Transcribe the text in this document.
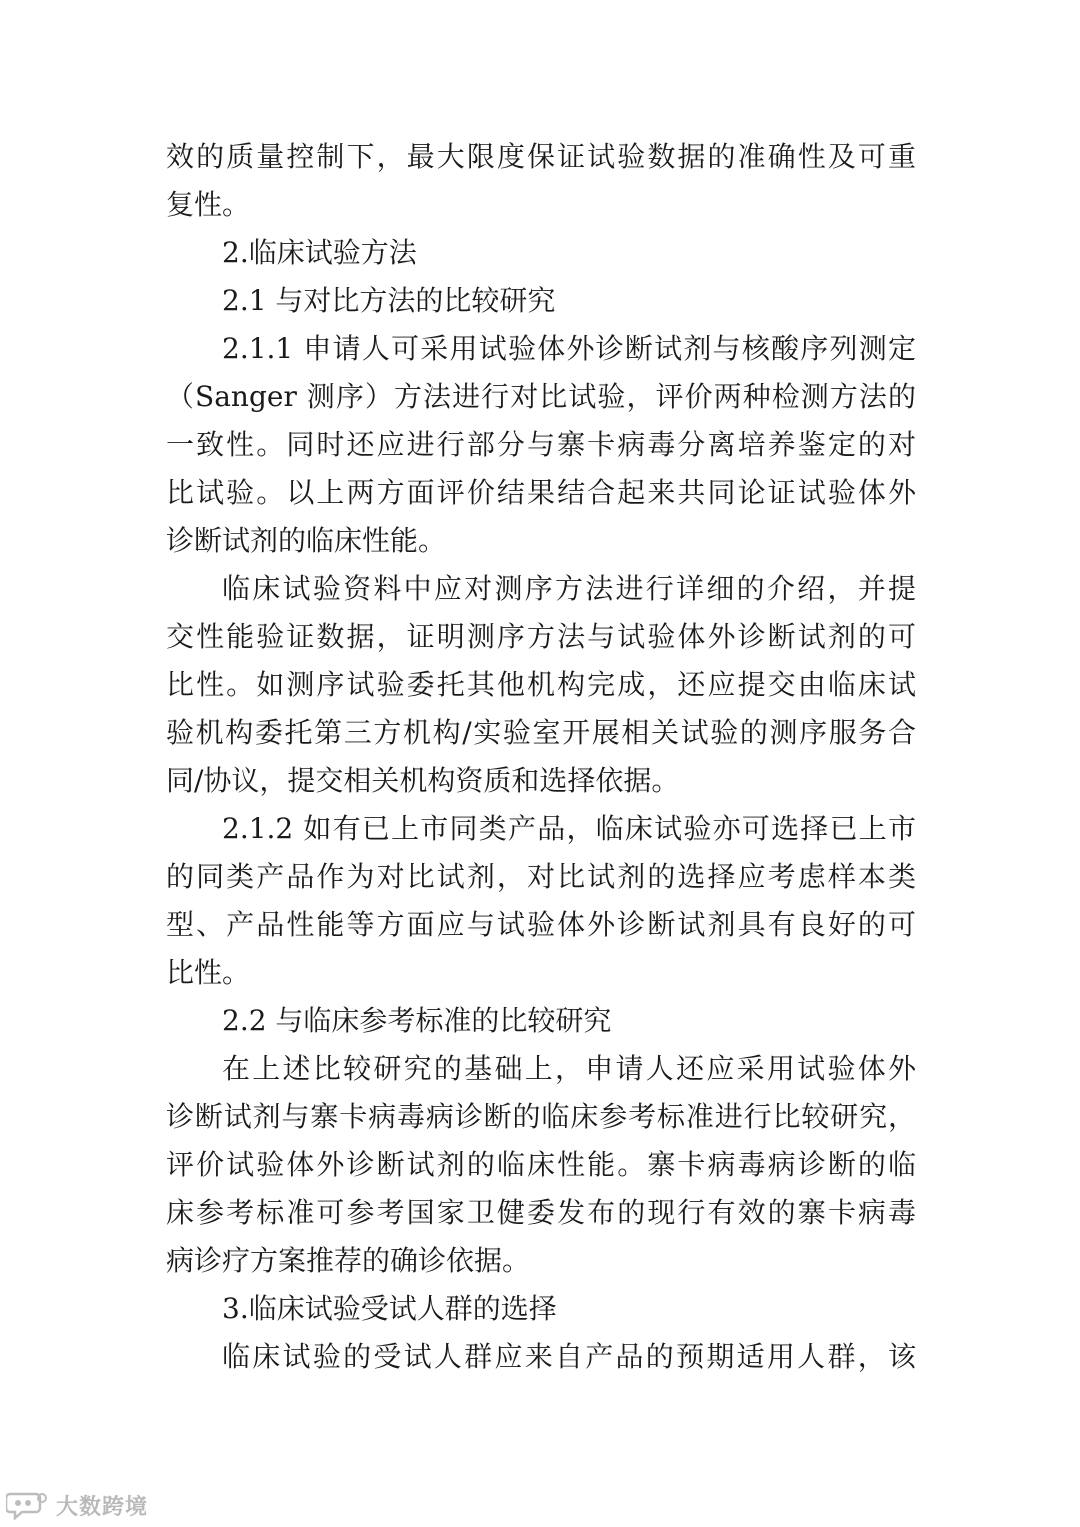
效的质量控制下，最大限度保证试验数据的准确性及可重
复性。
2.临床试验方法
2.1 与对比方法的比较研究
2.1.1 申请人可采用试验体外诊断试剂与核酸序列测定
（Sanger 测序）方法进行对比试验，评价两种检测方法的
一致性。同时还应进行部分与寨卡病毒分离培养鉴定的对
比试验。以上两方面评价结果结合起来共同论证试验体外
诊断试剂的临床性能。
临床试验资料中应对测序方法进行详细的介绍，并提
交性能验证数据，证明测序方法与试验体外诊断试剂的可
比性。如测序试验委托其他机构完成，还应提交由临床试
验机构委托第三方机构/实验室开展相关试验的测序服务合
同/协议，提交相关机构资质和选择依据。
2.1.2 如有已上市同类产品，临床试验亦可选择已上市
的同类产品作为对比试剂，对比试剂的选择应考虑样本类
型、产品性能等方面应与试验体外诊断试剂具有良好的可
比性。
2.2 与临床参考标准的比较研究
在上述比较研究的基础上，申请人还应采用试验体外
诊断试剂与寨卡病毒病诊断的临床参考标准进行比较研究，
评价试验体外诊断试剂的临床性能。寨卡病毒病诊断的临
床参考标准可参考国家卫健委发布的现行有效的寨卡病毒
病诊疗方案推荐的确诊依据。
3.临床试验受试人群的选择
临床试验的受试人群应来自产品的预期适用人群，该
大数跨境
